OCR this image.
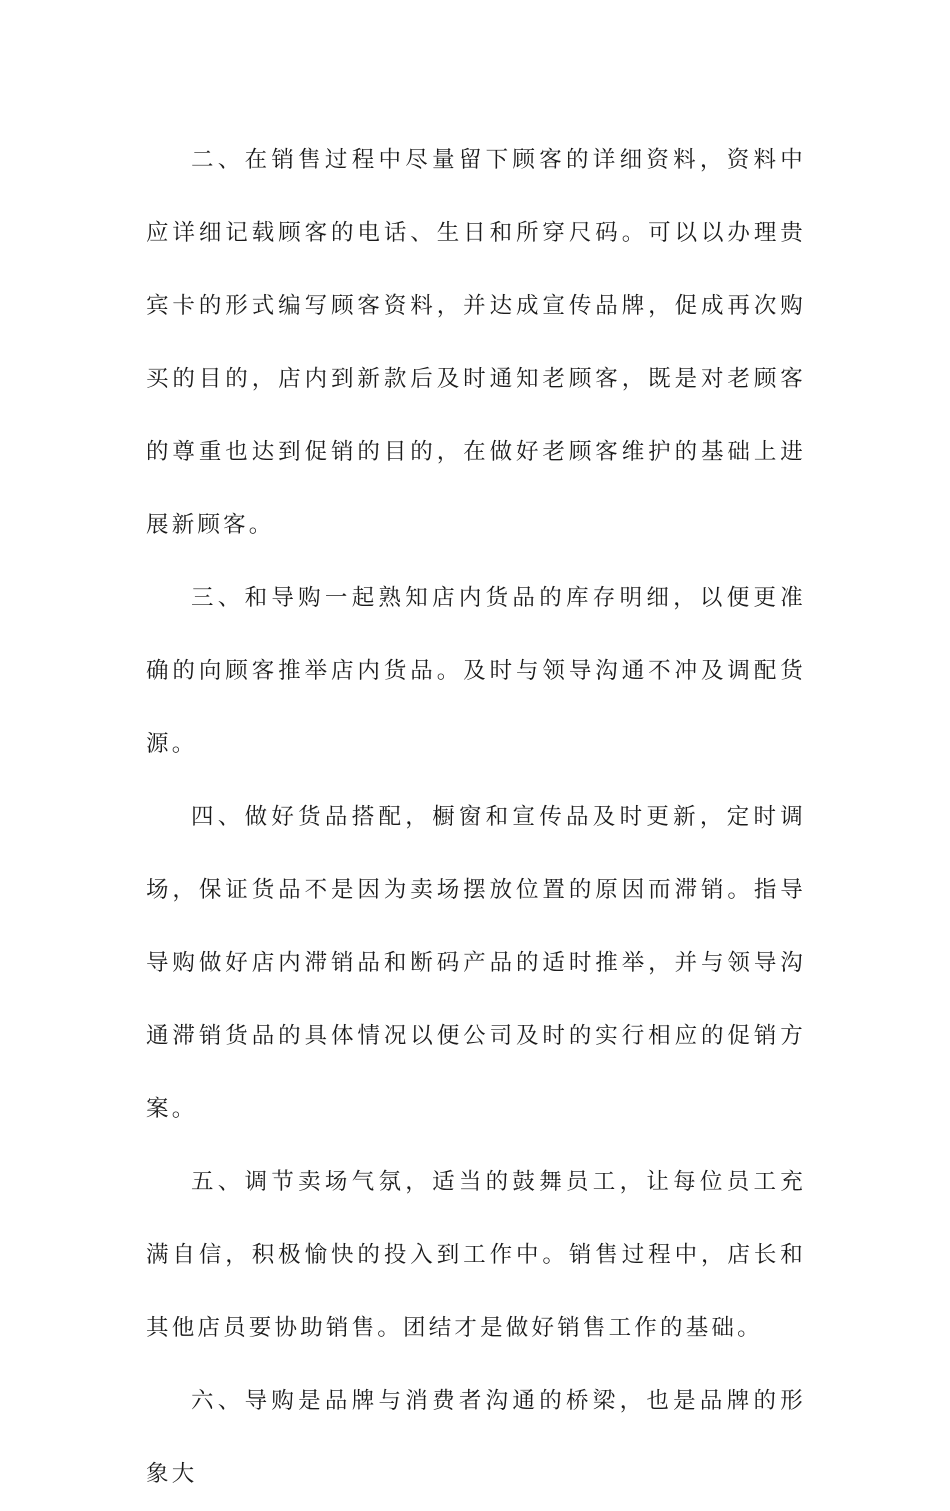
二、在销售过程中尽量留下顾客的详细资料，资料中应详细记载顾客的电话、生日和所穿尺码。可以以办理贵宾卡的形式编写顾客资料，并达成宣传品牌，促成再次购买的目的，店内到新款后及时通知老顾客，既是对老顾客的尊重也达到促销的目的，在做好老顾客维护的基础上进展新顾客。

三、和导购一起熟知店内货品的库存明细，以便更准确的向顾客推举店内货品。及时与领导沟通不冲及调配货源。

四、做好货品搭配，橱窗和宣传品及时更新，定时调场，保证货品不是因为卖场摆放位置的原因而滞销。指导导购做好店内滞销品和断码产品的适时推举，并与领导沟通滞销货品的具体情况以便公司及时的实行相应的促销方案。

五、调节卖场气氛，适当的鼓舞员工，让每位员工充满自信，积极愉快的投入到工作中。销售过程中，店长和其他店员要协助销售。团结才是做好销售工作的基础。

六、导购是品牌与消费者沟通的桥梁，也是品牌的形象大
